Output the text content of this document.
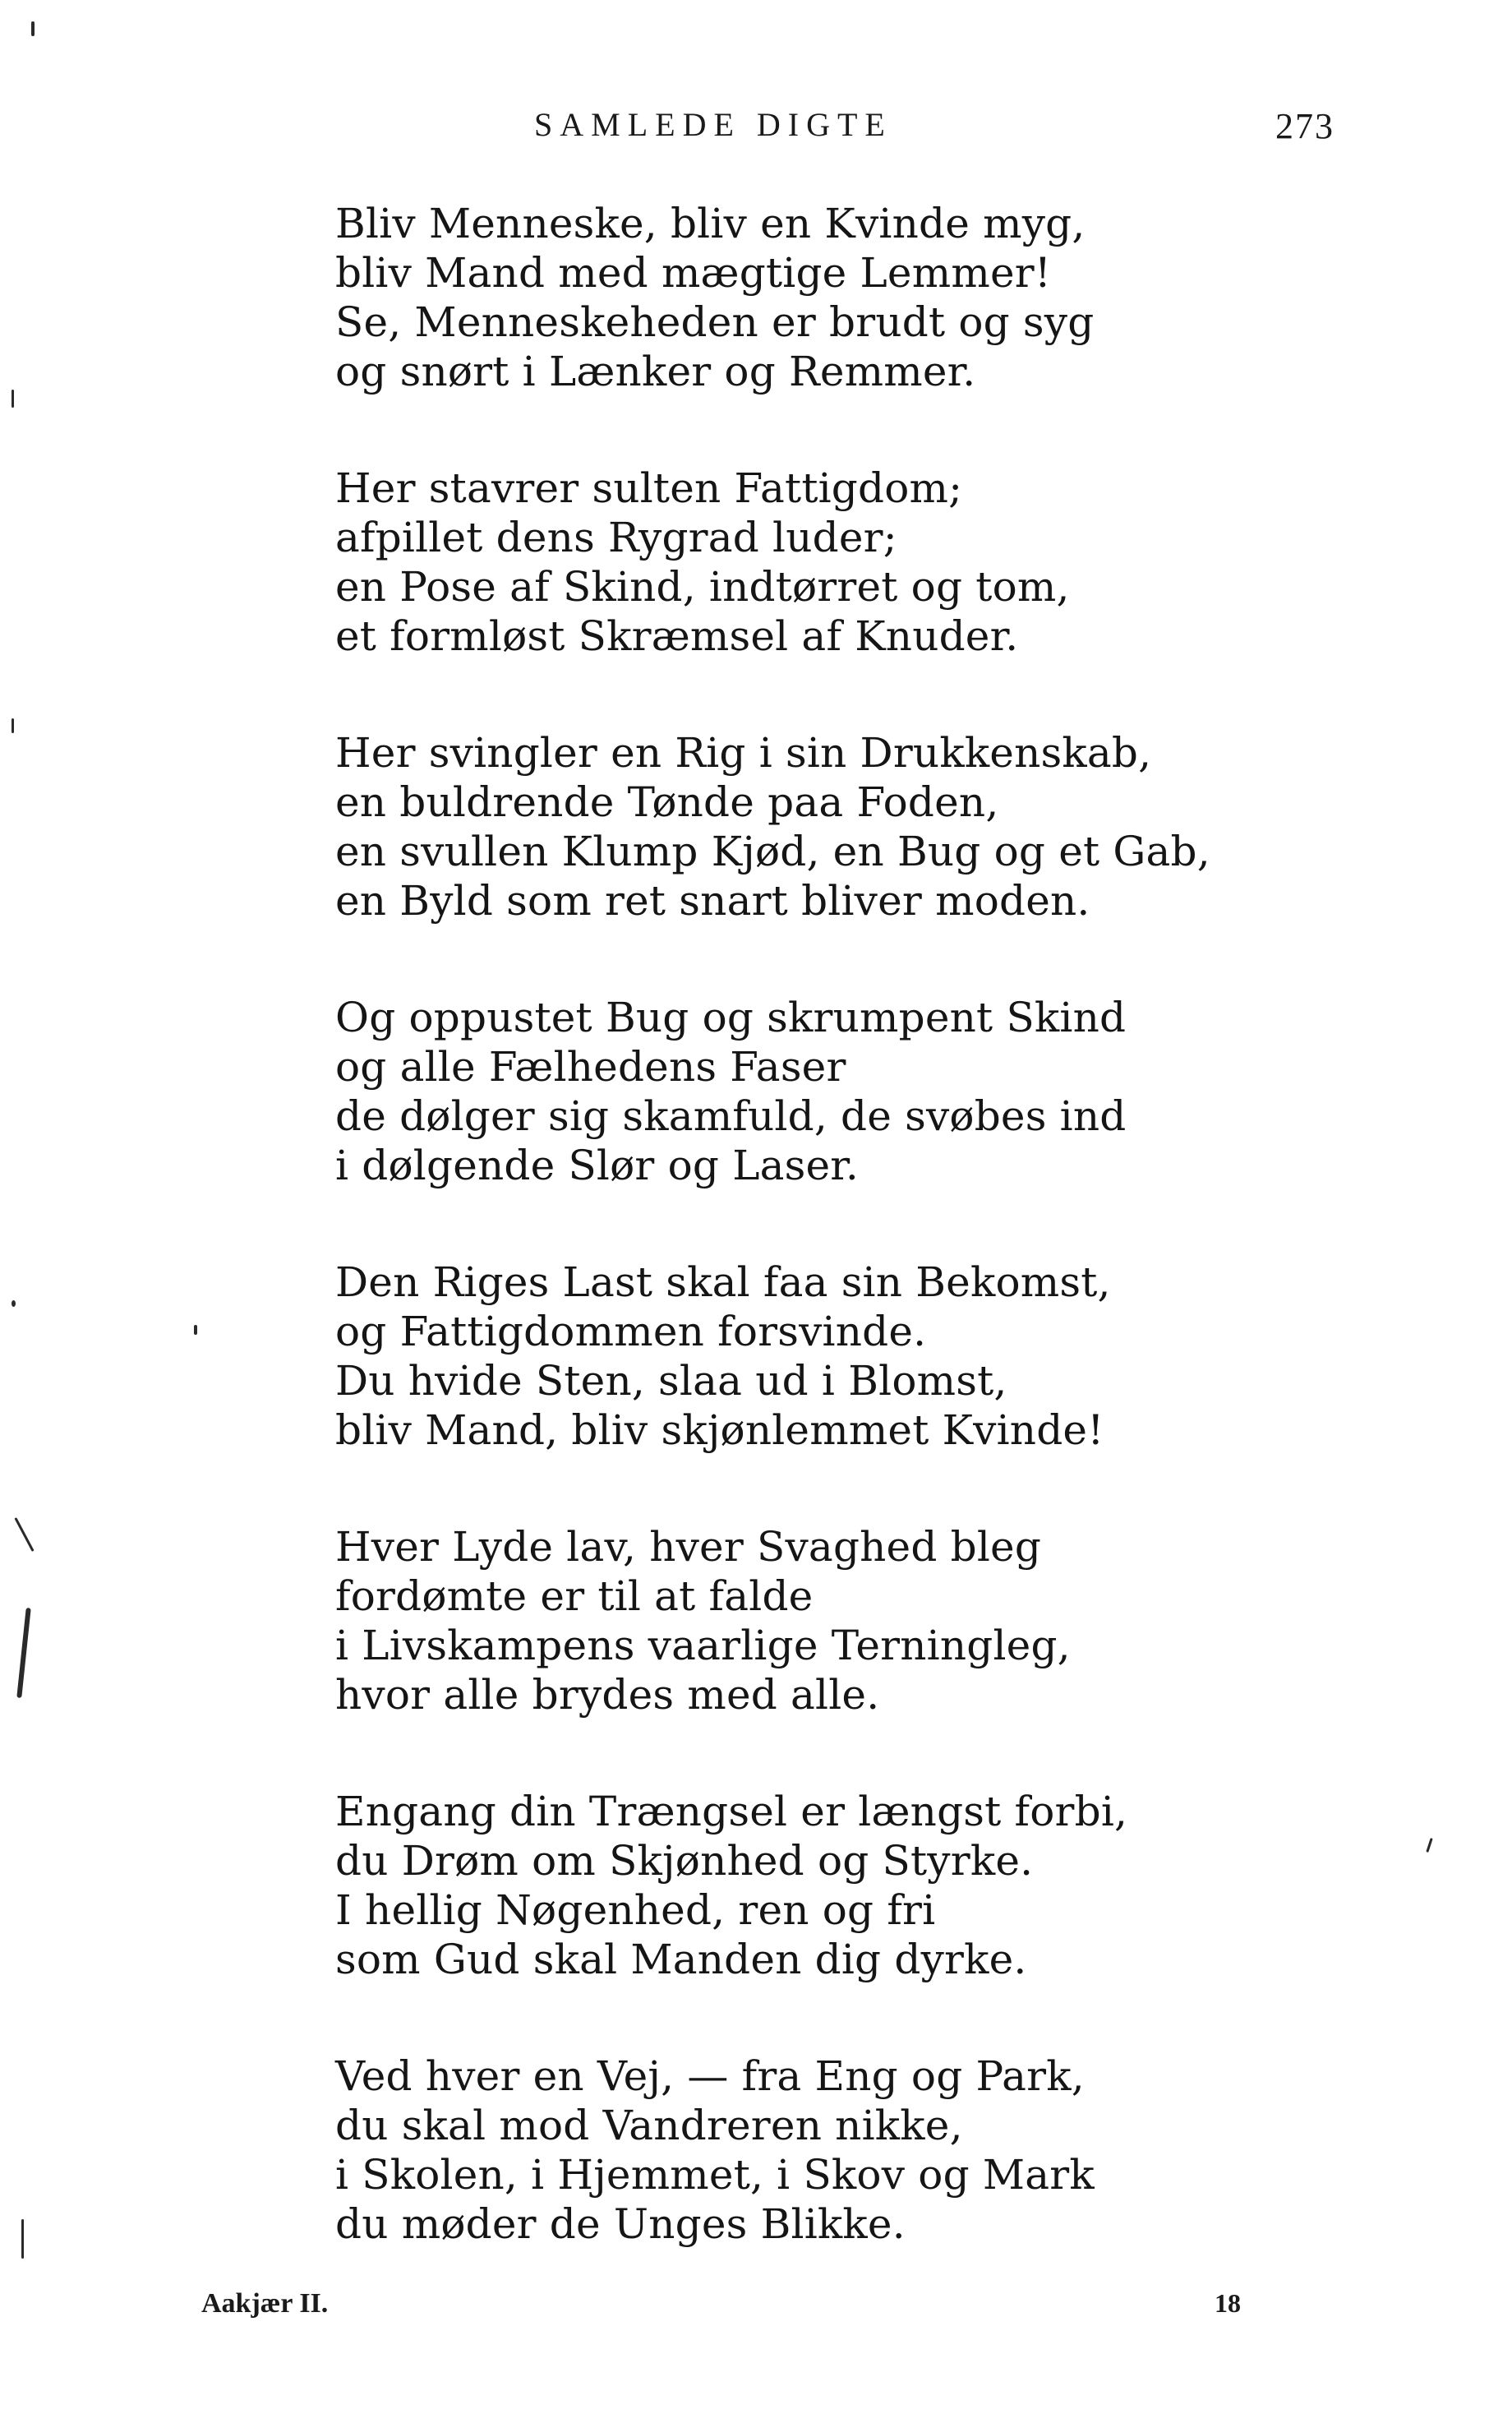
SAMLEDE DIGTE	273
Bliv Menneske, bliv en Kvinde myg,
bliv Mand med mægtige Lemmer!
Se, Menneskeheden er brudt og syg
og snørt i Lænker og Remmer.
Her stavrer sulten Fattigdom;
afpillet dens Rygrad luder;
en Pose af Skind, indtørret og tom,
et formløst Skræmsel af Knuder.
Her svingler en Rig i sin Drukkenskab,
en buldrende Tønde paa Foden,
en svullen Klump Kjød, en Bug og et Gab,
en Byld som ret snart bliver moden.
Og oppustet Bug og skrumpent Skind
og alle Fælhedens Faser
de dølger sig skamfuld, de svøbes ind
i dølgende Slør og Laser.
Den Riges Last skal faa sin Bekomst,
og Fattigdommen forsvinde.
Du hvide Sten, slaa ud i Blomst,
bliv Mand, bliv skjønlemmet Kvinde!
Hver Lyde lav, hver Svaghed bleg
fordømte er til at falde
i Livskampens vaarlige Terningleg,
hvor alle brydes med alle.
Engang din Trængsel er længst forbi,
du Drøm om Skjønhed og Styrke.
I hellig Nøgenhed, ren og fri
som Gud skal Manden dig dyrke.
Ved hver en Vej, — fra Eng og Park,
du skal mod Vandreren nikke,
i Skolen, i Hjemmet, i Skov og Mark
du møder de Unges Blikke.
Aakjær II.	18
